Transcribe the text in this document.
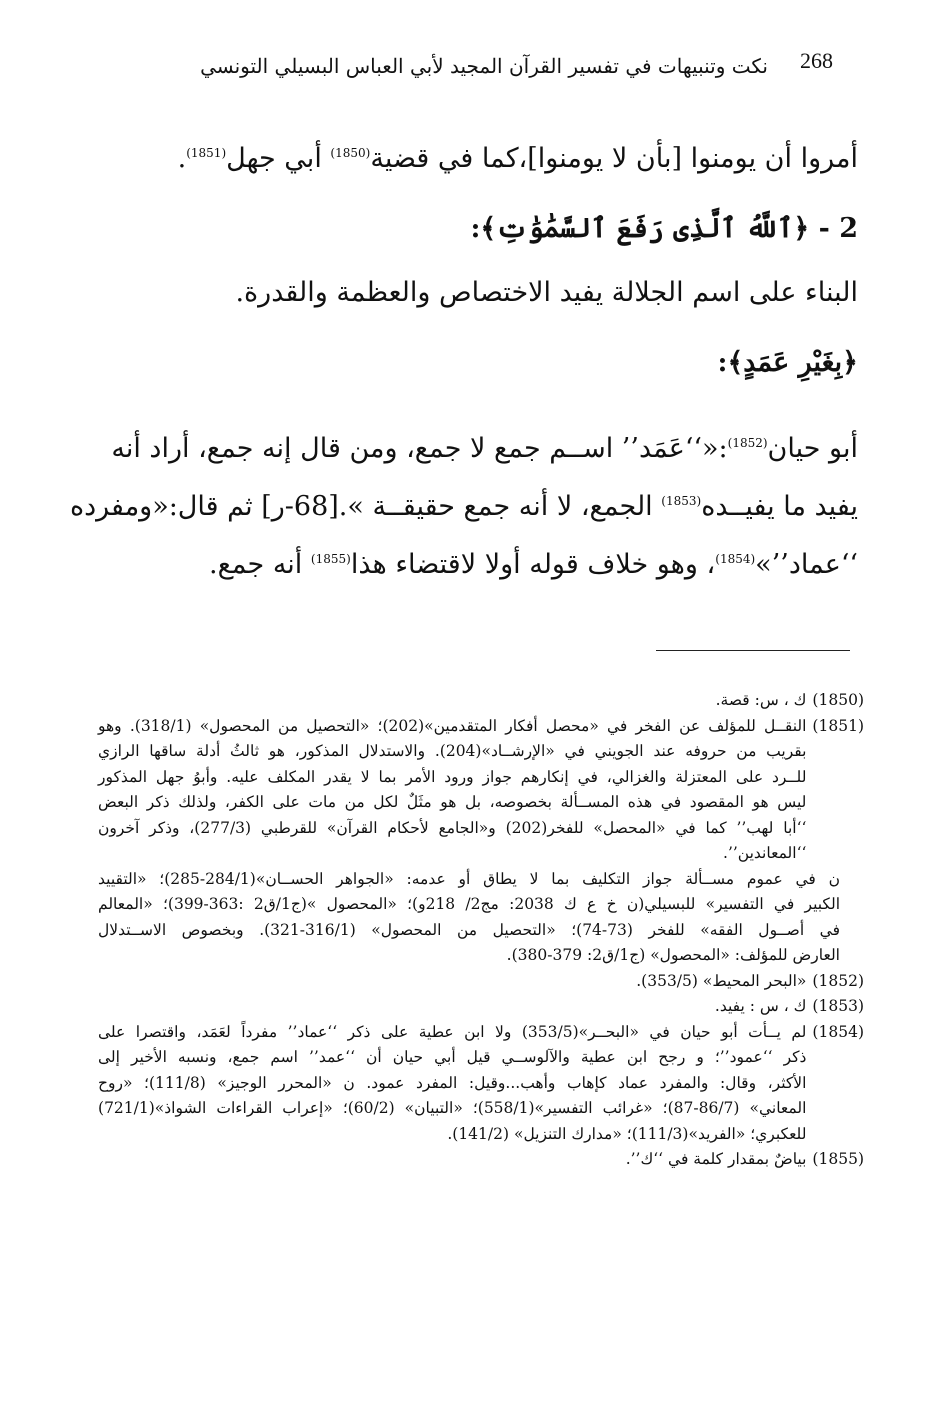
268
نكت وتنبيهات في تفسير القرآن المجيد لأبي العباس البسيلي التونسي
أمروا أن يومنوا [بأن لا يومنوا]،كما في قضية$^{(1850)}$ أبي جهل$^{(1851)}$.
2 - ﴿ٱللَّهُ ٱلَّذِى رَفَعَ ٱلسَّمَٰوَٰتِ﴾:
البناء على اسم الجلالة يفيد الاختصاص والعظمة والقدرة.
﴿بِغَيْرِ عَمَدٍ﴾:
أبو حيان$^{(1852)}$:«‘‘عَمَد’’ اســم جمع لا جمع، ومن قال إنه جمع، أراد أنه
يفيد ما يفيــده$^{(1853)}$ الجمع، لا أنه جمع حقيقــة ».[68-ر] ثم قال:«ومفرده
‘‘عماد’’»$^{(1854)}$، وهو خلاف قوله أولا لاقتضاء هذا$^{(1855)}$ أنه جمع.
(1850)
ك ، س: قصة.
(1851)
النقــل للمؤلف عن الفخر في «محصل أفكار المتقدمين»(202)؛ «التحصيل من المحصول» (318/1). وهو
بقريب من حروفه عند الجويني في «الإرشــاد»(204). والاستدلال المذكور، هو ثالثُ أدلة ساقها الرازي
للــرد على المعتزلة والغزالي، في إنكارهم جواز ورود الأمر بما لا يقدر المكلف عليه. وأبوُ جهل المذكور
ليس هو المقصود في هذه المســألة بخصوصه، بل هو مثَلٌ لكل من مات على الكفر، ولذلك ذكر البعض
‘‘أبا لهب’’ كما في «المحصل» للفخر(202) و«الجامع لأحكام القرآن» للقرطبي (277/3)، وذكر آخرون
‘‘المعاندين’’.
ن في عموم مســألة جواز التكليف بما لا يطاق أو عدمه: «الجواهر الحســان»(284/1-285)؛ «التقييد
الكبير في التفسير» للبسيلي(ن خ ع ك 2038: مج2/ 218و)؛ «المحصول »(ج1/ق2 :363-399)؛ «المعالم
في أصــول الفقه» للفخر (73-74)؛ «التحصيل من المحصول» (316/1-321). وبخصوص الاســتدلال
العارض للمؤلف: «المحصول» (ج1/ق2: 379-380).
(1852)
«البحر المحيط» (353/5).
(1853)
ك ، س : يفيد.
(1854)
لم يــأت أبو حيان في «البحــر»(353/5) ولا ابن عطية على ذكر ‘‘عماد’’ مفرداً لعَمَد، واقتصرا على
ذكر ‘‘عمود’’؛ و رجح ابن عطية والآلوســي قيل أبي حيان أن ‘‘عمد’’ اسم جمع، ونسبه الأخير إلى
الأكثر، وقال: والمفرد عماد كإهاب وأهب...وقيل: المفرد عمود. ن «المحرر الوجيز» (111/8)؛ «روح
المعاني» (86/7-87)؛ «غرائب التفسير»(558/1)؛ «التبيان» (60/2)؛ «إعراب القراءات الشواذ»(721/1)
للعكبري؛ «الفريد»(111/3)؛ «مدارك التنزيل» (141/2).
(1855)
بياضٌ بمقدار كلمة في ‘‘ك’’.
